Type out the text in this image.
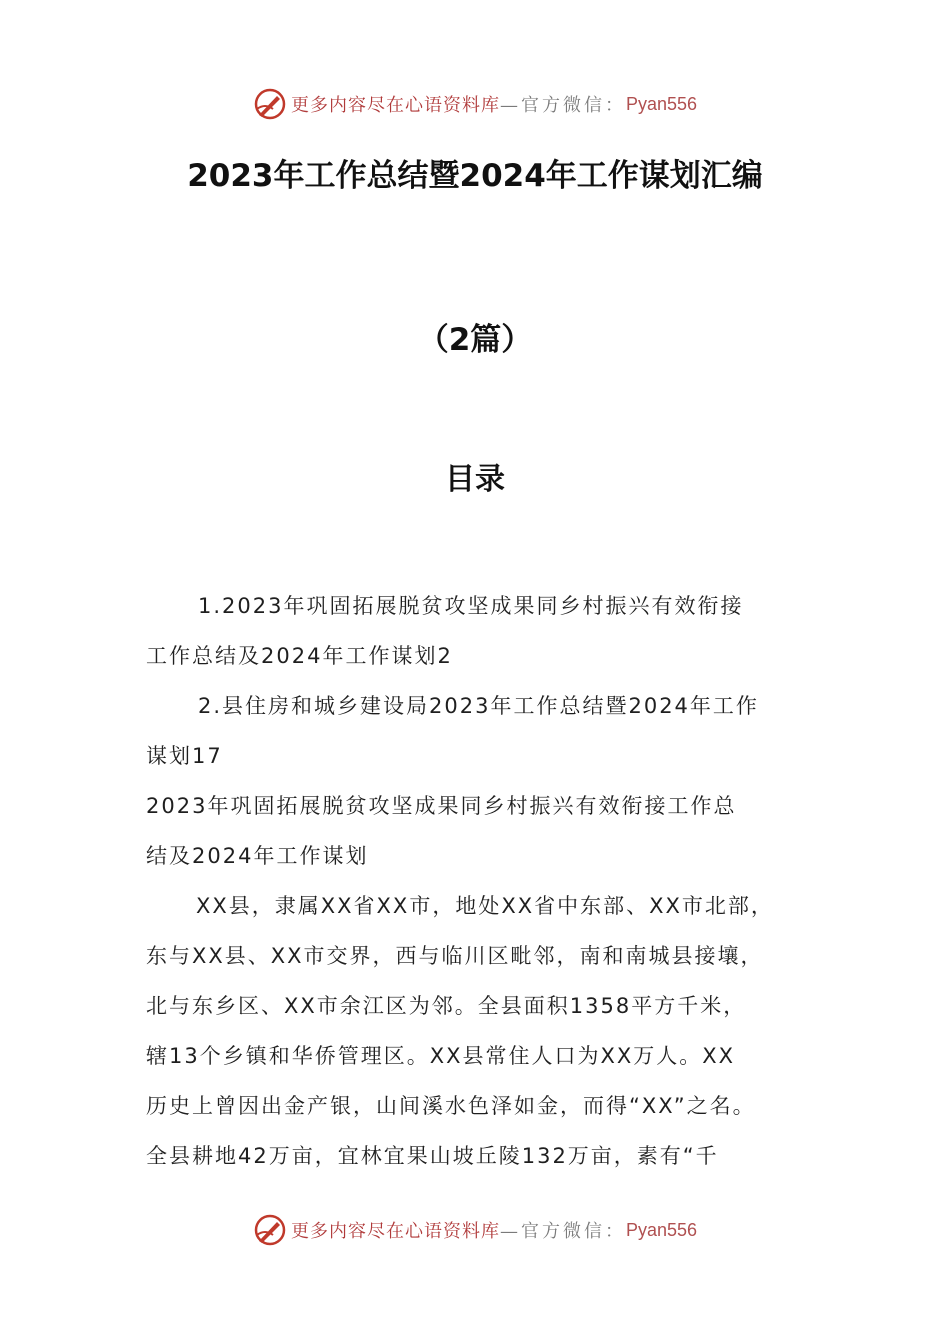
更多内容尽在心语资料库 —官方微信： Pyan556
2023年工作总结暨2024年工作谋划汇编
（2篇）
目录
1.2023年巩固拓展脱贫攻坚成果同乡村振兴有效衔接
工作总结及2024年工作谋划2
2.县住房和城乡建设局2023年工作总结暨2024年工作
谋划17
2023年巩固拓展脱贫攻坚成果同乡村振兴有效衔接工作总
结及2024年工作谋划
XX县，隶属XX省XX市，地处XX省中东部、XX市北部，
东与XX县、XX市交界，西与临川区毗邻，南和南城县接壤，
北与东乡区、XX市余江区为邻。全县面积1358平方千米，
辖13个乡镇和华侨管理区。XX县常住人口为XX万人。XX
历史上曾因出金产银，山间溪水色泽如金，而得“XX”之名。
全县耕地42万亩，宜林宜果山坡丘陵132万亩，素有“千
更多内容尽在心语资料库 —官方微信： Pyan556
